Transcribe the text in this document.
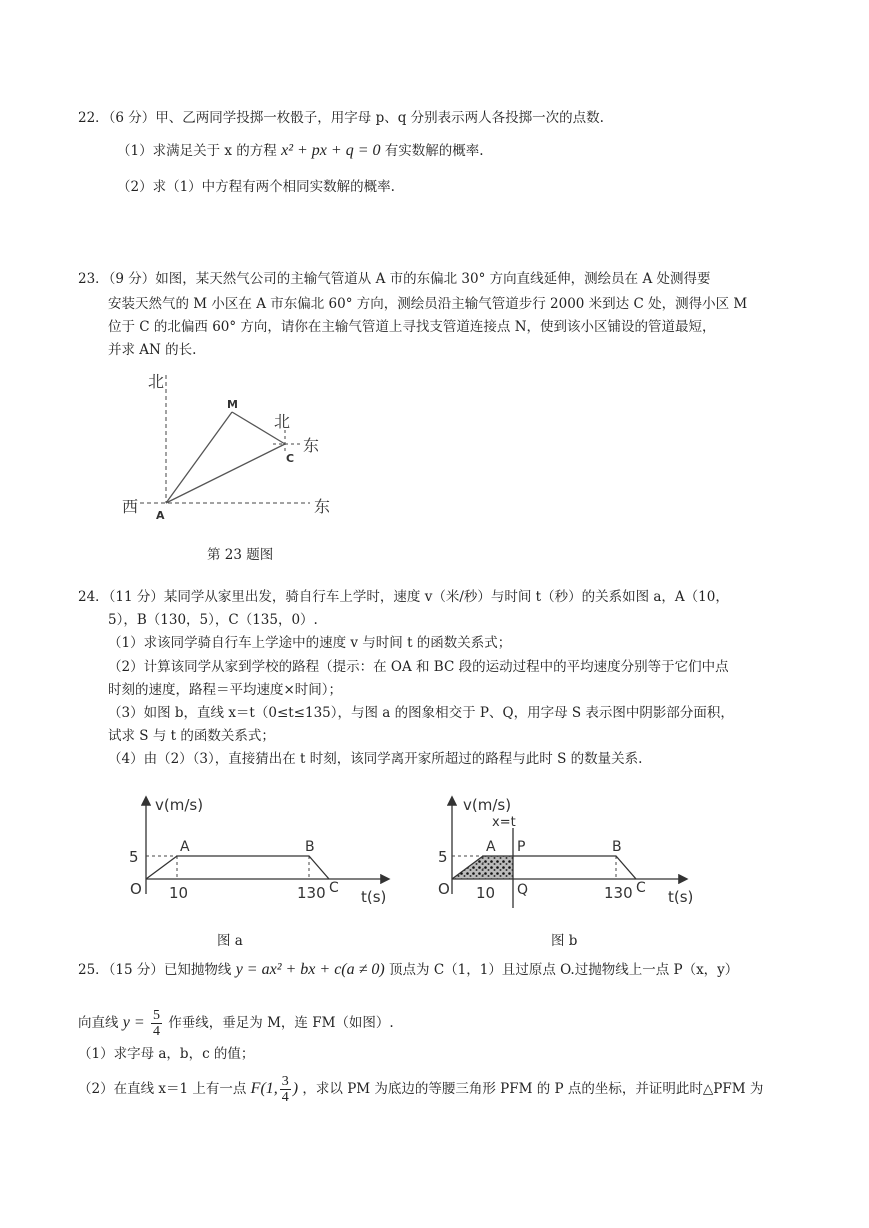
22．（6 分）甲、乙两同学投掷一枚骰子，用字母 p、q 分别表示两人各投掷一次的点数.
（1）求满足关于 x 的方程 x² + px + q = 0 有实数解的概率.
（2）求（1）中方程有两个相同实数解的概率.
23．（9 分）如图，某天然气公司的主输气管道从 A 市的东偏北 30° 方向直线延伸，测绘员在 A 处测得要
安装天然气的 M 小区在 A 市东偏北 60° 方向，测绘员沿主输气管道步行 2000 米到达 C 处，测得小区 M
位于 C 的北偏西 60° 方向，请你在主输气管道上寻找支管道连接点 N，使到该小区铺设的管道最短，
并求 AN 的长.
北
西	东
北
东
M
A
C
第 23 题图
24．（11 分）某同学从家里出发，骑自行车上学时，速度 v（米/秒）与时间 t（秒）的关系如图 a，A（10，
5），B（130，5），C（135，0）.
（1）求该同学骑自行车上学途中的速度 v 与时间 t 的函数关系式；
（2）计算该同学从家到学校的路程（提示：在 OA 和 BC 段的运动过程中的平均速度分别等于它们中点
时刻的速度，路程＝平均速度×时间）；
（3）如图 b，直线 x＝t（0≤t≤135），与图 a 的图象相交于 P、Q，用字母 S 表示图中阴影部分面积，
试求 S 与 t 的函数关系式；
（4）由（2）（3），直接猜出在 t 时刻，该同学离开家所超过的路程与此时 S 的数量关系.
v(m/s)
t(s)
5
O 10	130
A	B
C
图 a
v(m/s)
x=t
t(s)
5
O 10	130
A P
Q
B
C
图 b
25．（15 分）已知抛物线 y = ax² + bx + c(a ≠ 0) 顶点为 C（1，1）且过原点 O.过抛物线上一点 P（x，y）
向直线 $y = \frac{5}{4}$ 作垂线，垂足为 M，连 FM（如图）.
（1）求字母 a，b，c 的值；
（2）在直线 x＝1 上有一点 F(1, $\frac{3}{4}$ ) ，求以 PM 为底边的等腰三角形 PFM 的 P 点的坐标，并证明此时△PFM 为
